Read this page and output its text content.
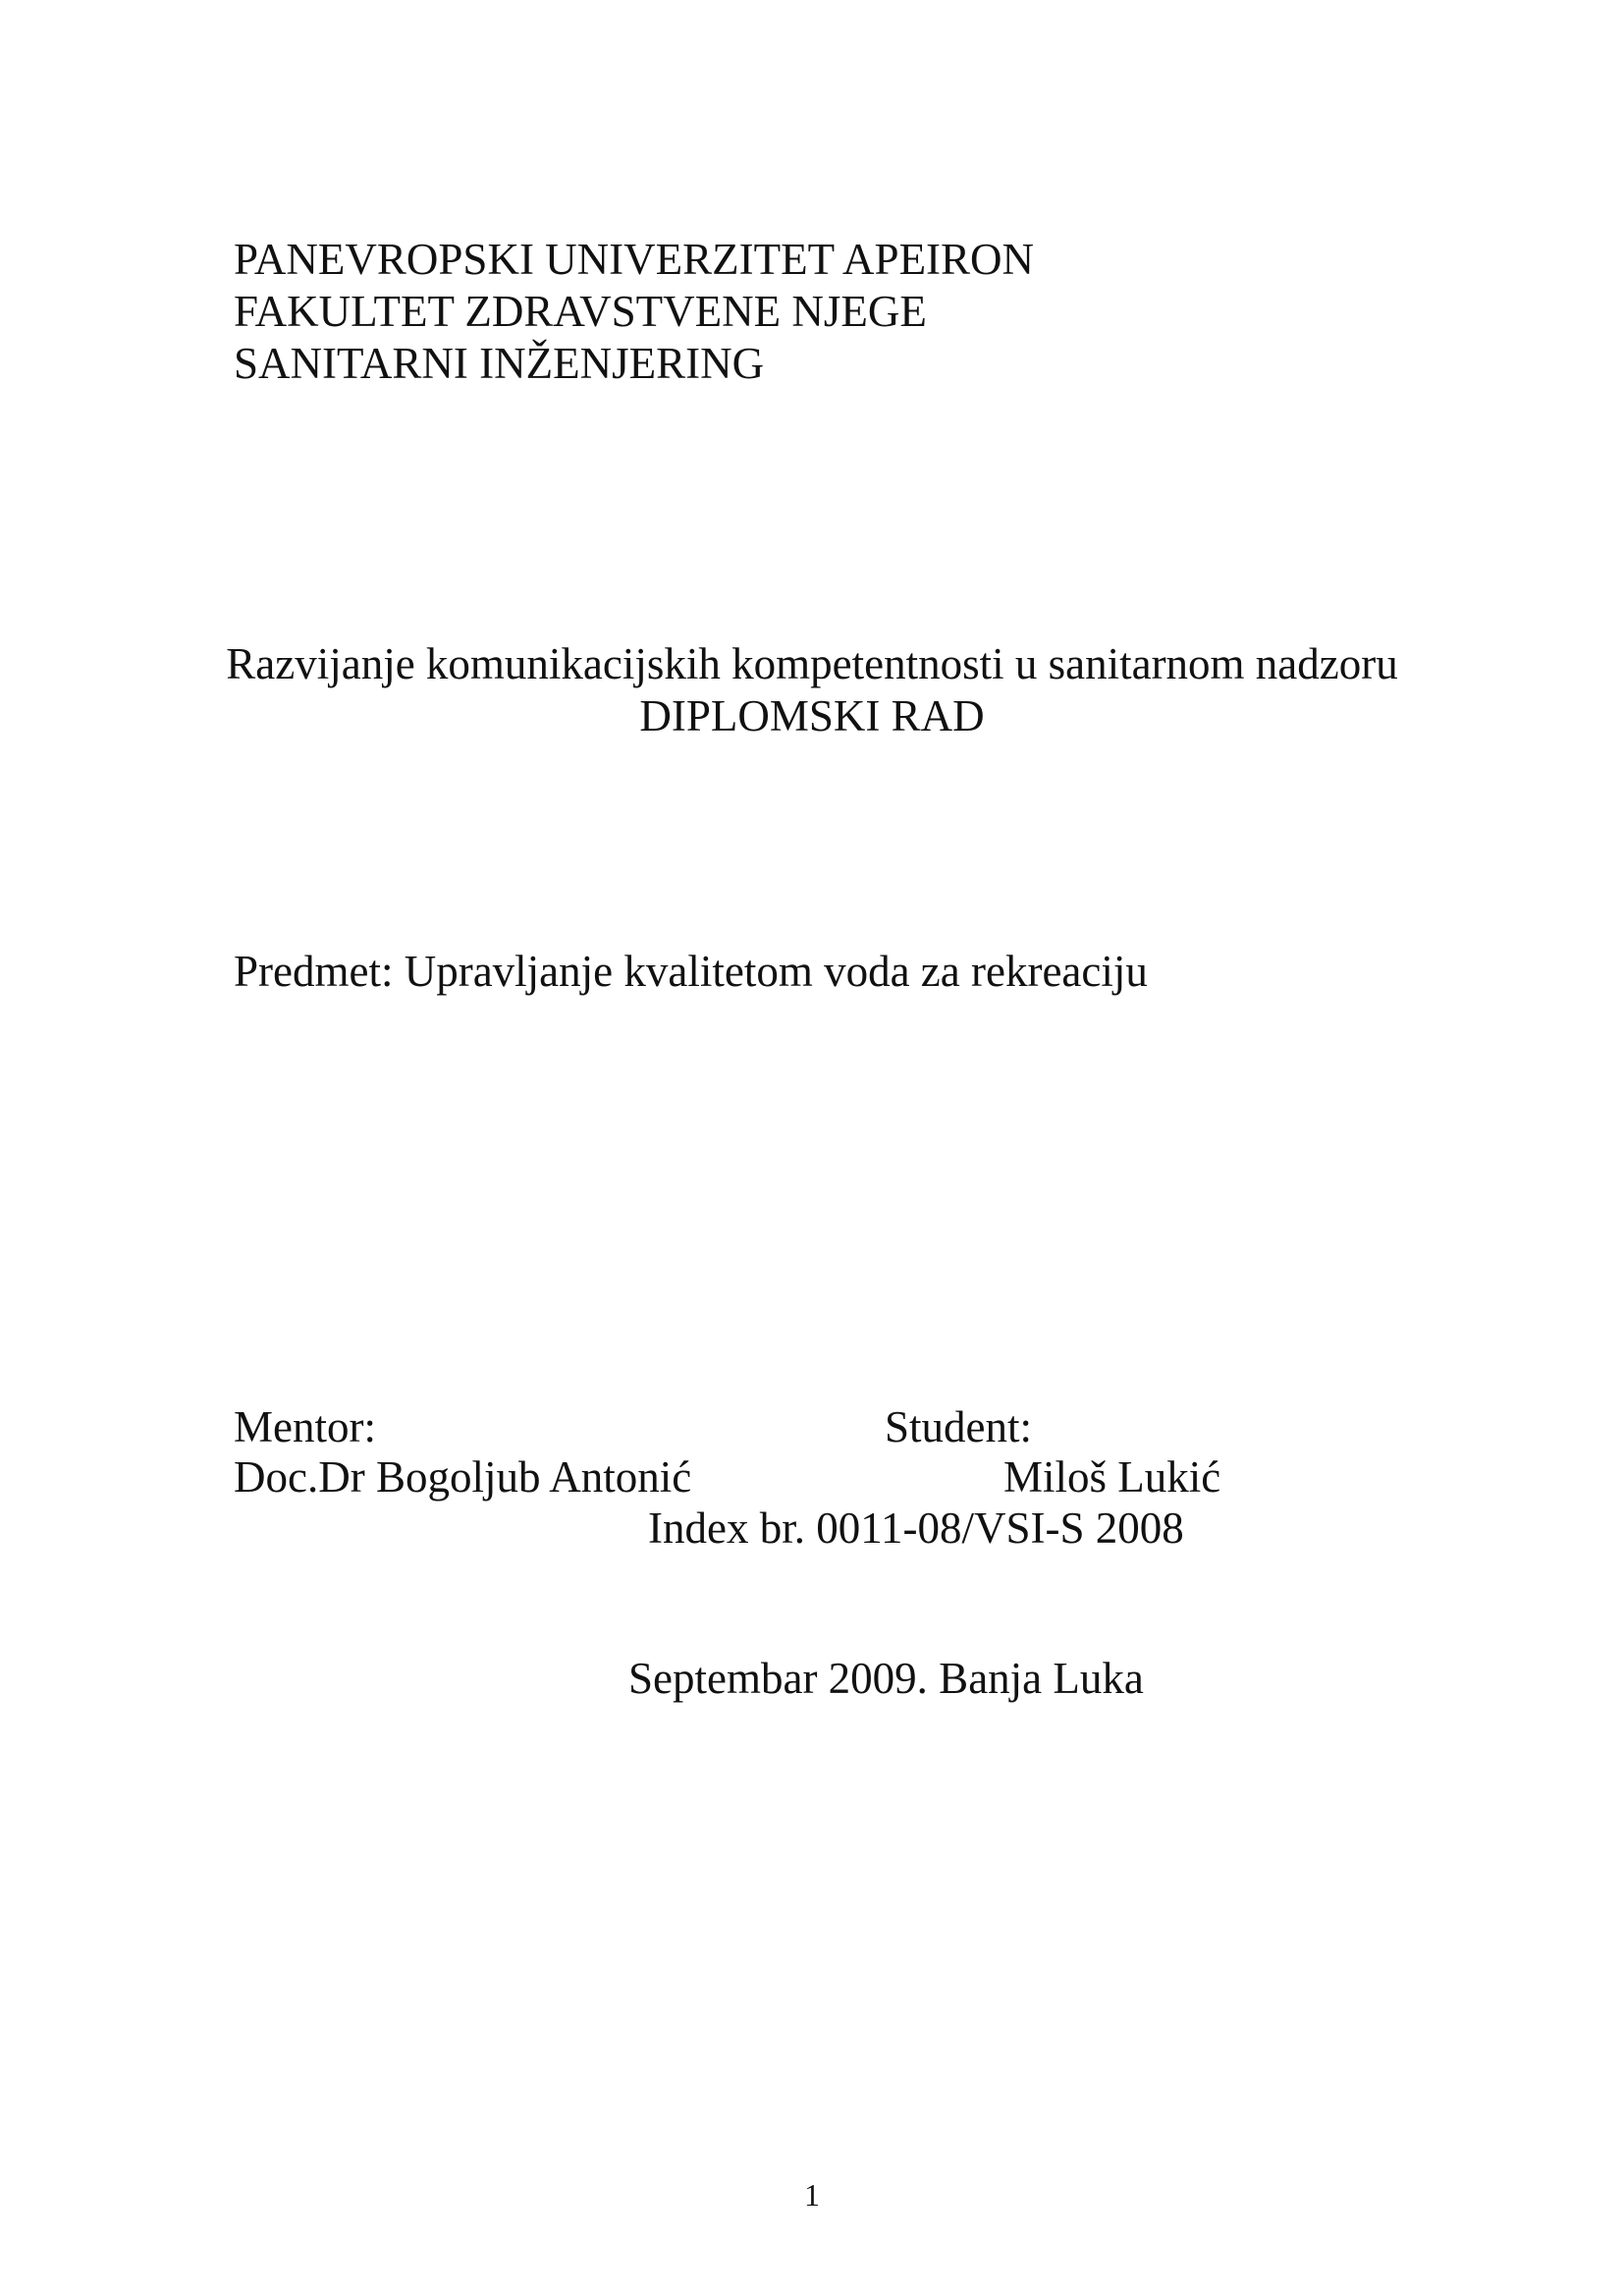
PANEVROPSKI UNIVERZITET APEIRON
FAKULTET ZDRAVSTVENE NJEGE
SANITARNI INŽENJERING
Razvijanje komunikacijskih kompetentnosti u sanitarnom nadzoru
DIPLOMSKI RAD
Predmet: Upravljanje kvalitetom voda za rekreaciju
Mentor:	Student:
Doc.Dr Bogoljub Antonić	Miloš Lukić
Index br. 0011-08/VSI-S 2008
Septembar 2009. Banja Luka
1
